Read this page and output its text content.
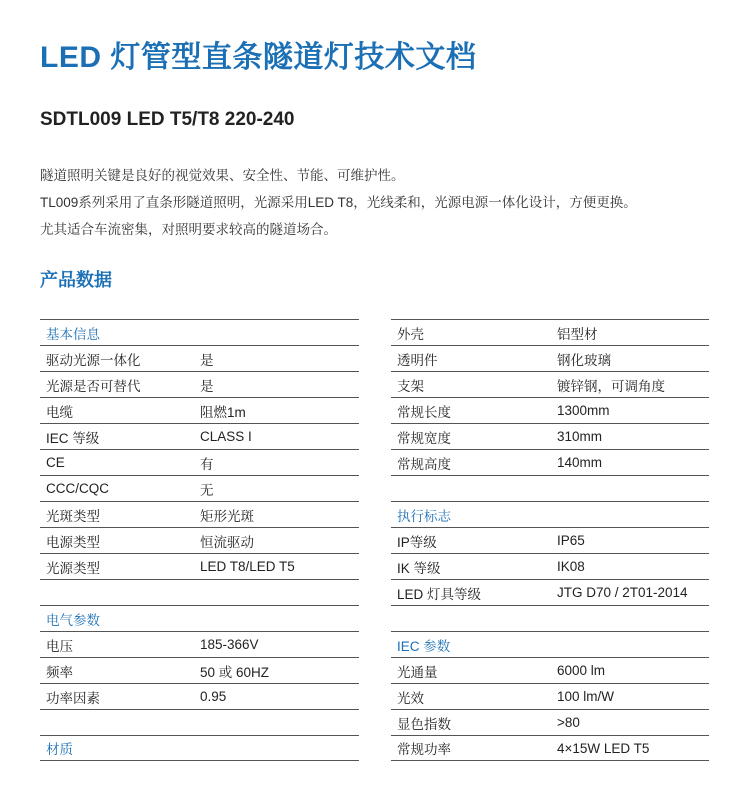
LED 灯管型直条隧道灯技术文档
SDTL009 LED T5/T8 220-240

隧道照明关键是良好的视觉效果、安全性、节能、可维护性。

TL009系列采用了直条形隧道照明，光源采用LED T8，光线柔和，光源电源一体化设计，方便更换。

尤其适合车流密集，对照明要求较高的隧道场合。

产品数据
基本信息
驱动光源一体化	是
光源是否可替代	是
电缆	阻燃1m
IEC 等级	CLASS I
CE	有
CCC/CQC	无
光斑类型	矩形光斑
电源类型	恒流驱动
光源类型	LED T8/LED T5
电气参数
电压	185-366V
频率	50 或 60HZ
功率因素	0.95
材质
外壳	铝型材
透明件	钢化玻璃
支架	镀锌钢，可调角度
常规长度	1300mm
常规宽度	310mm
常规高度	140mm
执行标志
IP等级	IP65
IK 等级	IK08
LED 灯具等级	JTG D70 / 2T01-2014
IEC 参数
光通量	6000 lm
光效	100 lm/W
显色指数	>80
常规功率	4×15W LED T5
